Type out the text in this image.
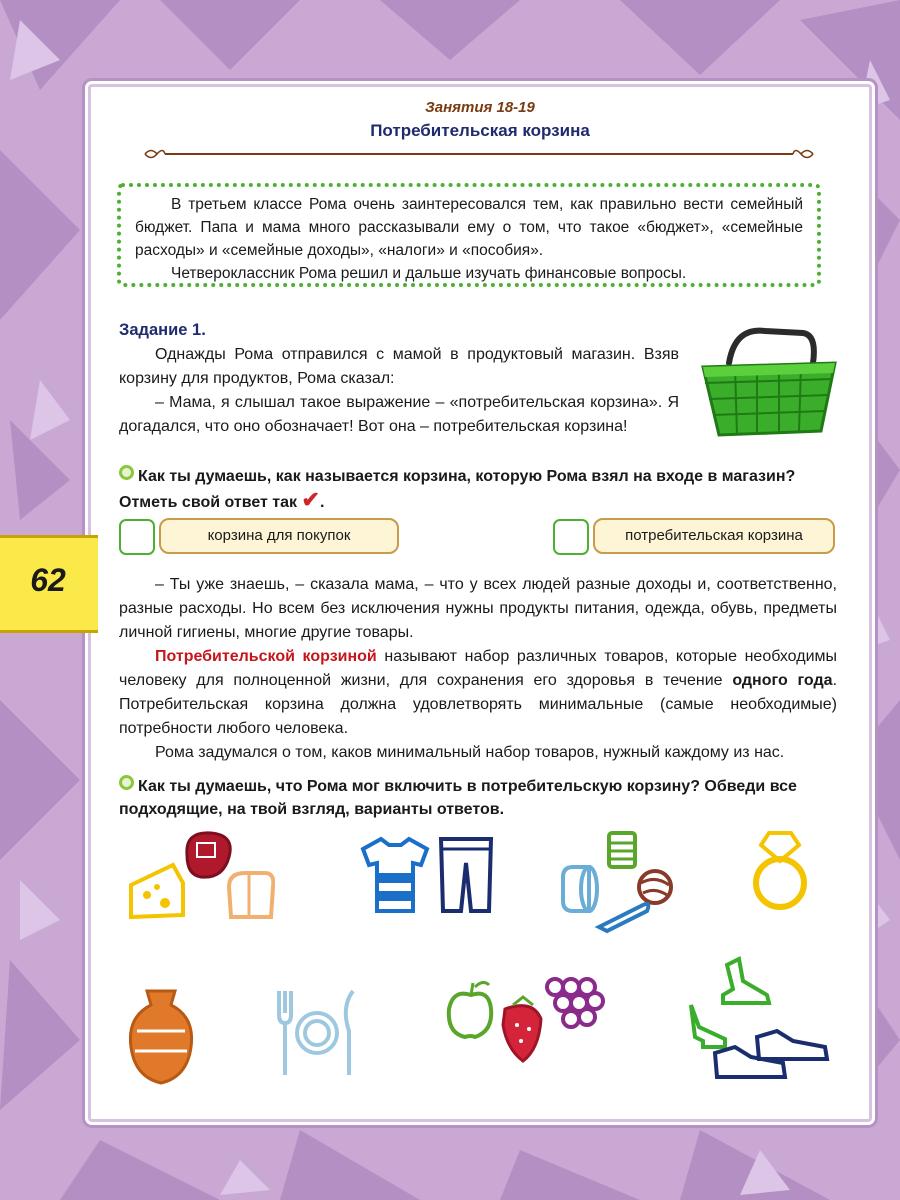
Занятия 18-19
Потребительская корзина

В третьем классе Рома очень заинтересовался тем, как правильно вести семейный бюджет. Папа и мама много рассказывали ему о том, что такое «бюджет», «семейные расходы» и «семейные доходы», «налоги» и «пособия».

Четвероклассник Рома решил и дальше изучать финансовые вопросы.

Задание 1.

Однажды Рома отправился с мамой в продуктовый магазин. Взяв корзину для продуктов, Рома сказал:

– Мама, я слышал такое выражение – «потребительская корзина». Я догадался, что оно обозначает! Вот она – потребительская корзина!

Как ты думаешь, как называется корзина, которую Рома взял на входе в магазин? Отметь свой ответ так ✔.
корзина для покупок	потребительская корзина

– Ты уже знаешь, – сказала мама, – что у всех людей разные доходы и, соответственно, разные расходы. Но всем без исключения нужны продукты питания, одежда, обувь, предметы личной гигиены, многие другие товары.

Потребительской корзиной называют набор различных товаров, которые необходимы человеку для полноценной жизни, для сохранения его здоровья в течение одного года. Потребительская корзина должна удовлетворять минимальные (самые необходимые) потребности любого человека.

Рома задумался о том, каков минимальный набор товаров, нужный каждому из нас.

Как ты думаешь, что Рома мог включить в потребительскую корзину? Обведи все подходящие, на твой взгляд, варианты ответов.
62
